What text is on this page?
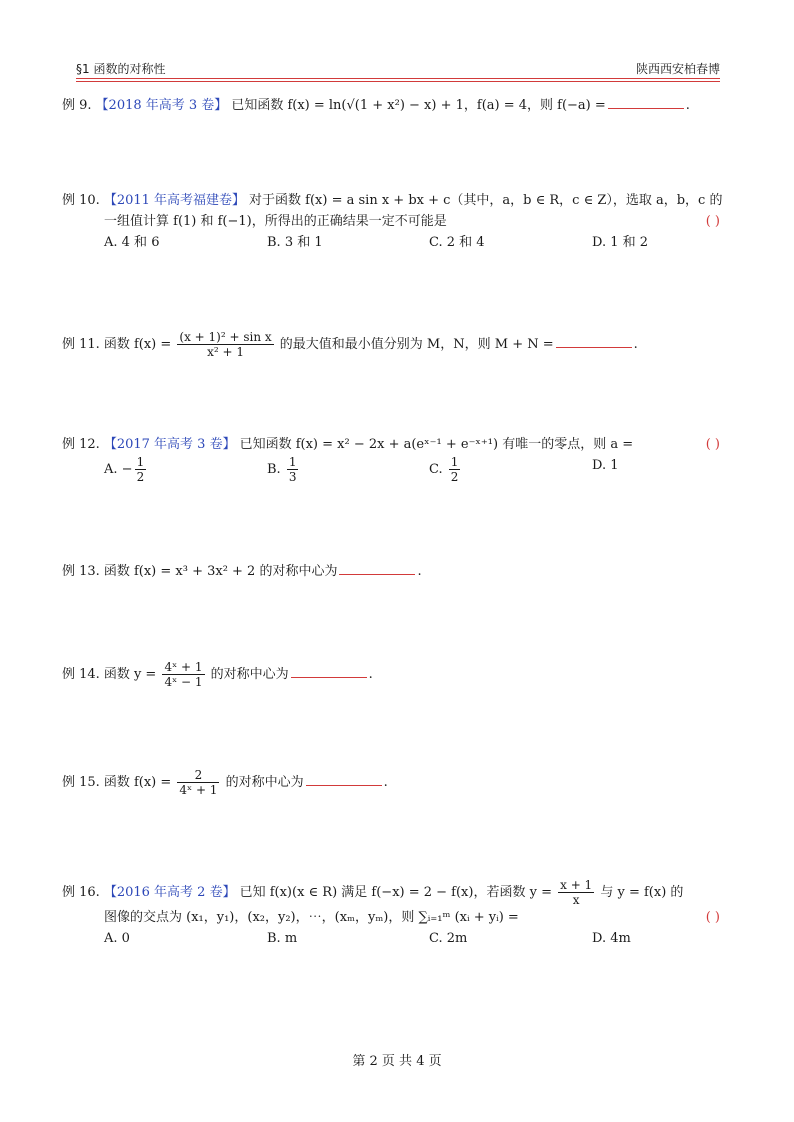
§1 函数的对称性	陕西西安柏春博
例 9. 【2018 年高考 3 卷】 已知函数 f(x) = ln(√(1 + x²) − x) + 1，f(a) = 4，则 f(−a) =	.
例 10. 【2011 年高考福建卷】 对于函数 f(x) = a sin x + bx + c（其中，a，b ∈ R，c ∈ Z），选取 a，b，c 的
一组值计算 f(1) 和 f(−1)，所得出的正确结果一定不可能是	( )
A. 4 和 6	B. 3 和 1	C. 2 和 4	D. 1 和 2
例 11. 函数 $f(x) = \frac{\text{(x + 1)² + sin x}}{\text{x² + 1}}$ 的最大值和最小值分别为 M，N，则 M + N =	.
例 12. 【2017 年高考 3 卷】 已知函数 f(x) = x² − 2x + a(eˣ⁻¹ + e⁻ˣ⁺¹) 有唯一的零点，则 a =	( )
A. − $\frac{1}{2}$	B. $\frac{1}{3}$	C. $\frac{1}{2}$	D. 1
例 13. 函数 f(x) = x³ + 3x² + 2 的对称中心为	.
例 14. 函数 $y = \frac{\text{4ˣ + 1}}{\text{4ˣ − 1}}$ 的对称中心为	.
例 15. 函数 $f(x) = \frac{2}{\text{4ˣ + 1}}$ 的对称中心为	.
例 16. 【2016 年高考 2 卷】 已知 f(x)(x ∈ R) 满足 f(−x) = 2 − f(x)，若函数 $y = \frac{x + 1}{x}$ 与 y = f(x) 的
图像的交点为 (x₁，y₁)，(x₂，y₂)，⋯，(xₘ，yₘ)，则 ∑ᵢ₌₁ᵐ (xᵢ + yᵢ) =	( )
A. 0	B. m	C. 2m	D. 4m
第 2 页 共 4 页
